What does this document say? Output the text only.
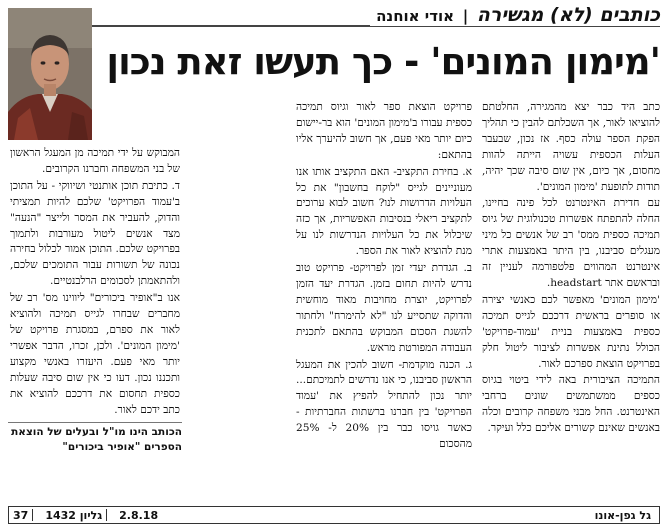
כותבים (לא) מגשירה | אודי אוחנה
'מימון המונים' - כך תעשו זאת נכון

כתב היד כבר יצא מהמגירה, החלטתם להוציאו לאור, אך השכלתם להבין כי תהליך הפקת הספר עולה כסף. אז נכון, שבעבר העלות הכספית עשויה הייתה להוות מחסום, אך כיום, אין שום סיבה שכך יהיה, תודות לתופעת 'מימון המונים'.

עם חדירת האינטרנט לכל פינה בחיינו, החלה להתפתח אפשרות טכנולוגית של גיוס תמיכה כספית ממס' רב של אנשים כל מיני מעגלים סביבנו, בין היתר באמצעות אתרי אינטרנט המהווים פלטפורמה לעניין זה ובראשם אתר headstart.

'מימון המונים' מאפשר לכם כאנשי יצירה או סופרים בראשית דרככם לגייס תמיכה כספית באמצעות בניית 'עמוד-פרויקט' הכולל נתינת אפשרות לציבור ליטול חלק בפרויקט הוצאת ספרכם לאור.

התמיכה הציבורית באה לידי ביטוי בגיוס כספים ממשתמשים שונים ברחבי האינטרנט. החל מבני משפחה קרובים וכלה באנשים שאינם קשורים אליכם כלל ועיקר.

פרויקט הוצאת ספר לאור וגיוס תמיכה כספית עבורו ב'מימון המונים' הוא בר-יישום כיום יותר מאי פעם, אך חשוב להיערך אליו בהתאם:

א. בחירת התקציב- האם התקציב אותו אנו מעוניינים לגייס "לוקח בחשבון" את כל העלויות הדרושות לנו? חשוב לבוא ערוכים לתקציב ריאלי בנסיבות האפשריות, אך כזה שיכלול את כל העלויות הנדרשות לנו על מנת להוציא לאור את הספר.

ב. הגדרת יעדי זמן לפרויקט- פרויקט טוב נדרש להיות תחום בזמן. הגדרת יעד הזמן לפרויקט, יוצרת מחויבות מאוד מוחשית והדוקה שתסייע לנו "לא להימרח" ולחתור להשגת הסכום המבוקש בהתאם לתכנית העבודה המפורטת מראש.

ג. הכנה מוקדמת- חשוב להכין את המעגל הראשון סביבנו, כי אנו נדרשים לתמיכתם... יותר נכון להתחיל להפיץ את 'עמוד הפרויקט' בין חברנו ברשתות החברתיות - כאשר גויסו כבר בין 20% ל- 25% מהסכום

המבוקש על ידי תמיכה מן המעגל הראשון של בני המשפחה וחברנו הקרובים.

ד. כתיבת תוכן אותנטי ושיווקי - על התוכן ב'עמוד הפרויקט' שלכם להיות תמציתי והדוק, להעביר את המסר ולייצר "הנעה" מצד אנשים ליטול מעורבות ולתמוך בפרויקט שלכם. התוכן אמור לכלול בחירה נכונה של תשורות עבור התומכים שלכם, ולהתאמתן לסכומים הרלבנטיים.

אנו ב"אופיר ביכורים" ליווינו מס' רב של מחברים שבחרו לגייס תמיכה ולהוציא לאור את ספרם, במסגרת פרויקט של 'מימון המונים'. ולכן, זכרו, הדבר אפשרי יותר מאי פעם. היעזרו באנשי מקצוע ותכננו נכון. דעו כי אין שום סיבה שעלות כספית תחסום את דרככם להוציא את כתב ידכם לאור.

הכותב הינו מו"ל ובעלים של הוצאת הספרים "אופיר ביכורים"
גל גפן-אונו
2.8.18
גליון 1432
37
